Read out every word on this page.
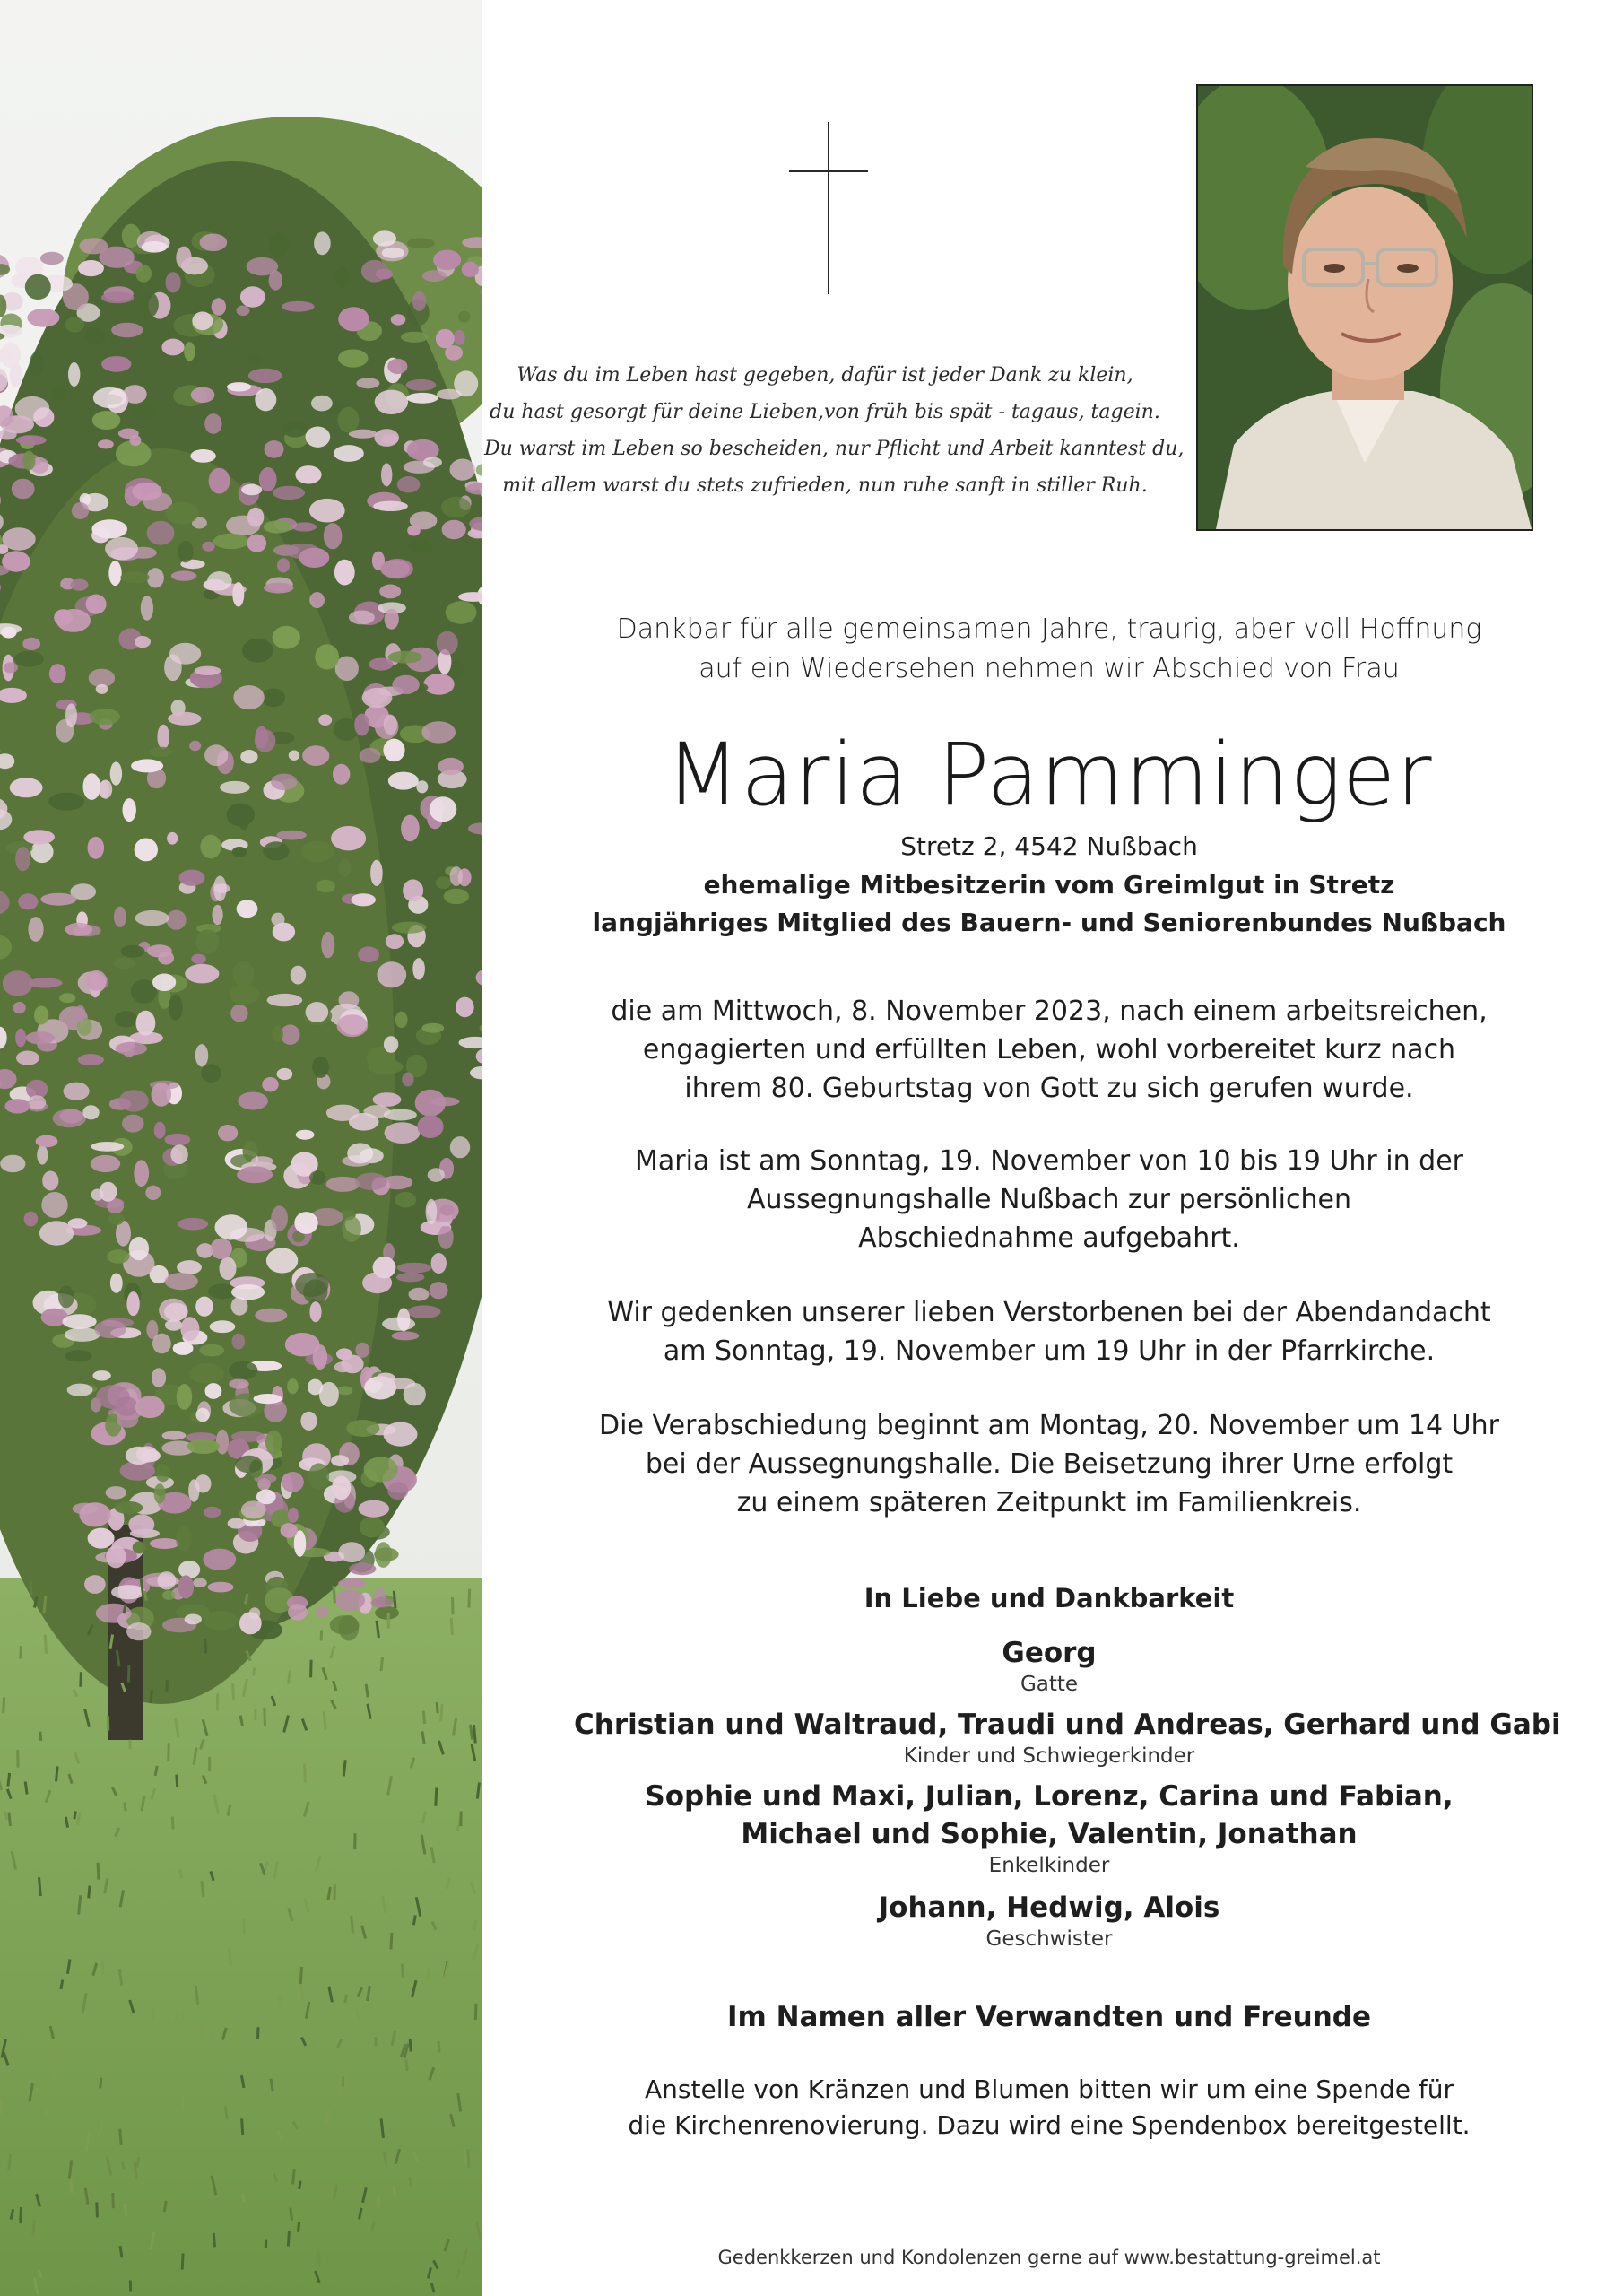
Was du im Leben hast gegeben, dafür ist jeder Dank zu klein,
du hast gesorgt für deine Lieben,von früh bis spät - tagaus, tagein.
Du warst im Leben so bescheiden, nur Pflicht und Arbeit kanntest du,
mit allem warst du stets zufrieden, nun ruhe sanft in stiller Ruh.
Dankbar für alle gemeinsamen Jahre, traurig, aber voll Hoffnung
auf ein Wiedersehen nehmen wir Abschied von Frau
Maria Pamminger
Stretz 2, 4542 Nußbach
ehemalige Mitbesitzerin vom Greimlgut in Stretz
langjähriges Mitglied des Bauern- und Seniorenbundes Nußbach
die am Mittwoch, 8. November 2023, nach einem arbeitsreichen,
engagierten und erfüllten Leben, wohl vorbereitet kurz nach
ihrem 80. Geburtstag von Gott zu sich gerufen wurde.
Maria ist am Sonntag, 19. November von 10 bis 19 Uhr in der
Aussegnungshalle Nußbach zur persönlichen
Abschiednahme aufgebahrt.
Wir gedenken unserer lieben Verstorbenen bei der Abendandacht
am Sonntag, 19. November um 19 Uhr in der Pfarrkirche.
Die Verabschiedung beginnt am Montag, 20. November um 14 Uhr
bei der Aussegnungshalle. Die Beisetzung ihrer Urne erfolgt
zu einem späteren Zeitpunkt im Familienkreis.
In Liebe und Dankbarkeit
Georg
Gatte
Christian und Waltraud, Traudi und Andreas, Gerhard und Gabi
Kinder und Schwiegerkinder
Sophie und Maxi, Julian, Lorenz, Carina und Fabian,
Michael und Sophie, Valentin, Jonathan
Enkelkinder
Johann, Hedwig, Alois
Geschwister
Im Namen aller Verwandten und Freunde
Anstelle von Kränzen und Blumen bitten wir um eine Spende für
die Kirchenrenovierung. Dazu wird eine Spendenbox bereitgestellt.
Gedenkkerzen und Kondolenzen gerne auf www.bestattung-greimel.at
